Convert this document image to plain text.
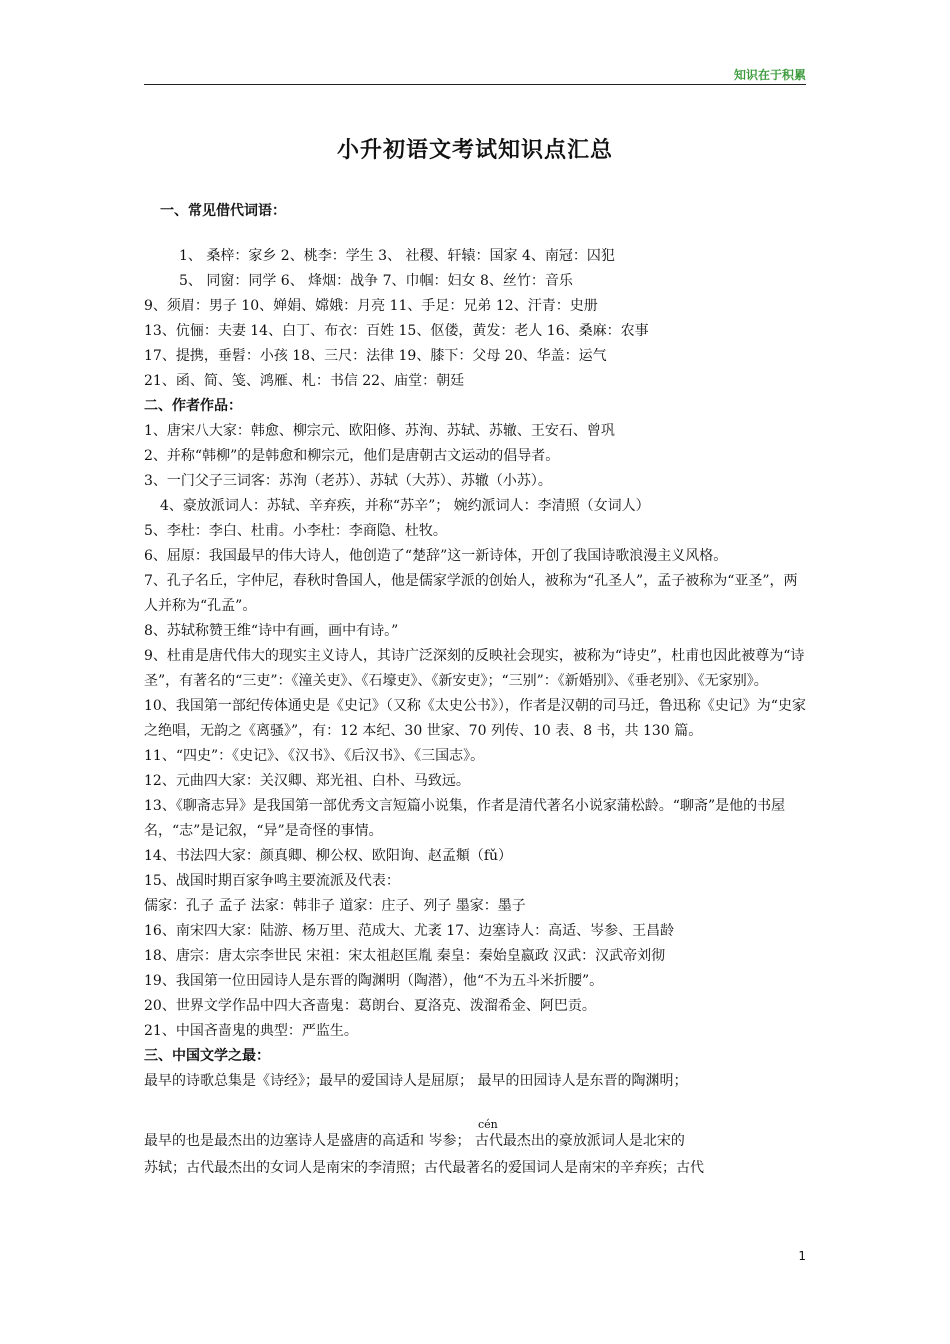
知识在于积累
小升初语文考试知识点汇总
一、常见借代词语：
1、 桑梓：家乡 2、桃李：学生 3、 社稷、轩辕：国家 4、南冠：囚犯
5、 同窗：同学 6、 烽烟：战争 7、巾帼：妇女 8、丝竹：音乐
9、须眉：男子 10、婵娟、嫦娥：月亮 11、手足：兄弟 12、汗青：史册
13、伉俪：夫妻 14、白丁、布衣：百姓 15、伛偻，黄发：老人 16、桑麻：农事
17、提携，垂髫：小孩 18、三尺：法律 19、膝下：父母 20、华盖：运气
21、函、简、笺、鸿雁、札：书信 22、庙堂：朝廷
二、作者作品：
1、唐宋八大家：韩愈、柳宗元、欧阳修、苏洵、苏轼、苏辙、王安石、曾巩
2、并称“韩柳”的是韩愈和柳宗元，他们是唐朝古文运动的倡导者。
3、一门父子三词客：苏洵（老苏）、苏轼（大苏）、苏辙（小苏）。
4、豪放派词人：苏轼、辛弃疾，并称“苏辛”； 婉约派词人：李清照（女词人）
5、李杜：李白、杜甫。小李杜：李商隐、杜牧。
6、屈原：我国最早的伟大诗人，他创造了“楚辞”这一新诗体，开创了我国诗歌浪漫主义风格。
7、孔子名丘，字仲尼，春秋时鲁国人，他是儒家学派的创始人，被称为“孔圣人”，孟子被称为“亚圣”，两人并称为“孔孟”。
8、苏轼称赞王维“诗中有画，画中有诗。”
9、杜甫是唐代伟大的现实主义诗人，其诗广泛深刻的反映社会现实，被称为“诗史”，杜甫也因此被尊为“诗圣”，有著名的“三吏”：《潼关吏》、《石壕吏》、《新安吏》；“三别”：《新婚别》、《垂老别》、《无家别》。
10、我国第一部纪传体通史是《史记》（又称《太史公书》），作者是汉朝的司马迁，鲁迅称《史记》为“史家之绝唱，无韵之《离骚》”，有：12 本纪、30 世家、70 列传、10 表、8 书，共 130 篇。
11、“四史”：《史记》、《汉书》、《后汉书》、《三国志》。
12、元曲四大家：关汉卿、郑光祖、白朴、马致远。
13、《聊斋志异》是我国第一部优秀文言短篇小说集，作者是清代著名小说家蒲松龄。“聊斋”是他的书屋名，“志”是记叙，“异”是奇怪的事情。
14、书法四大家：颜真卿、柳公权、欧阳询、赵孟頫（fǔ）
15、战国时期百家争鸣主要流派及代表：
儒家：孔子 孟子 法家：韩非子 道家：庄子、列子 墨家：墨子
16、南宋四大家：陆游、杨万里、范成大、尤袤 17、边塞诗人：高适、岑参、王昌龄
18、唐宗：唐太宗李世民 宋祖：宋太祖赵匡胤 秦皇：秦始皇嬴政 汉武：汉武帝刘彻
19、我国第一位田园诗人是东晋的陶渊明（陶潜），他“不为五斗米折腰”。
20、世界文学作品中四大吝啬鬼：葛朗台、夏洛克、泼溜希金、阿巴贡。
21、中国吝啬鬼的典型：严监生。
三、中国文学之最：
最早的诗歌总集是《诗经》；最早的爱国诗人是屈原； 最早的田园诗人是东晋的陶渊明；
cén
最早的也是最杰出的边塞诗人是盛唐的高适和 岑参； 古代最杰出的豪放派词人是北宋的
苏轼；古代最杰出的女词人是南宋的李清照；古代最著名的爱国词人是南宋的辛弃疾；古代
1
